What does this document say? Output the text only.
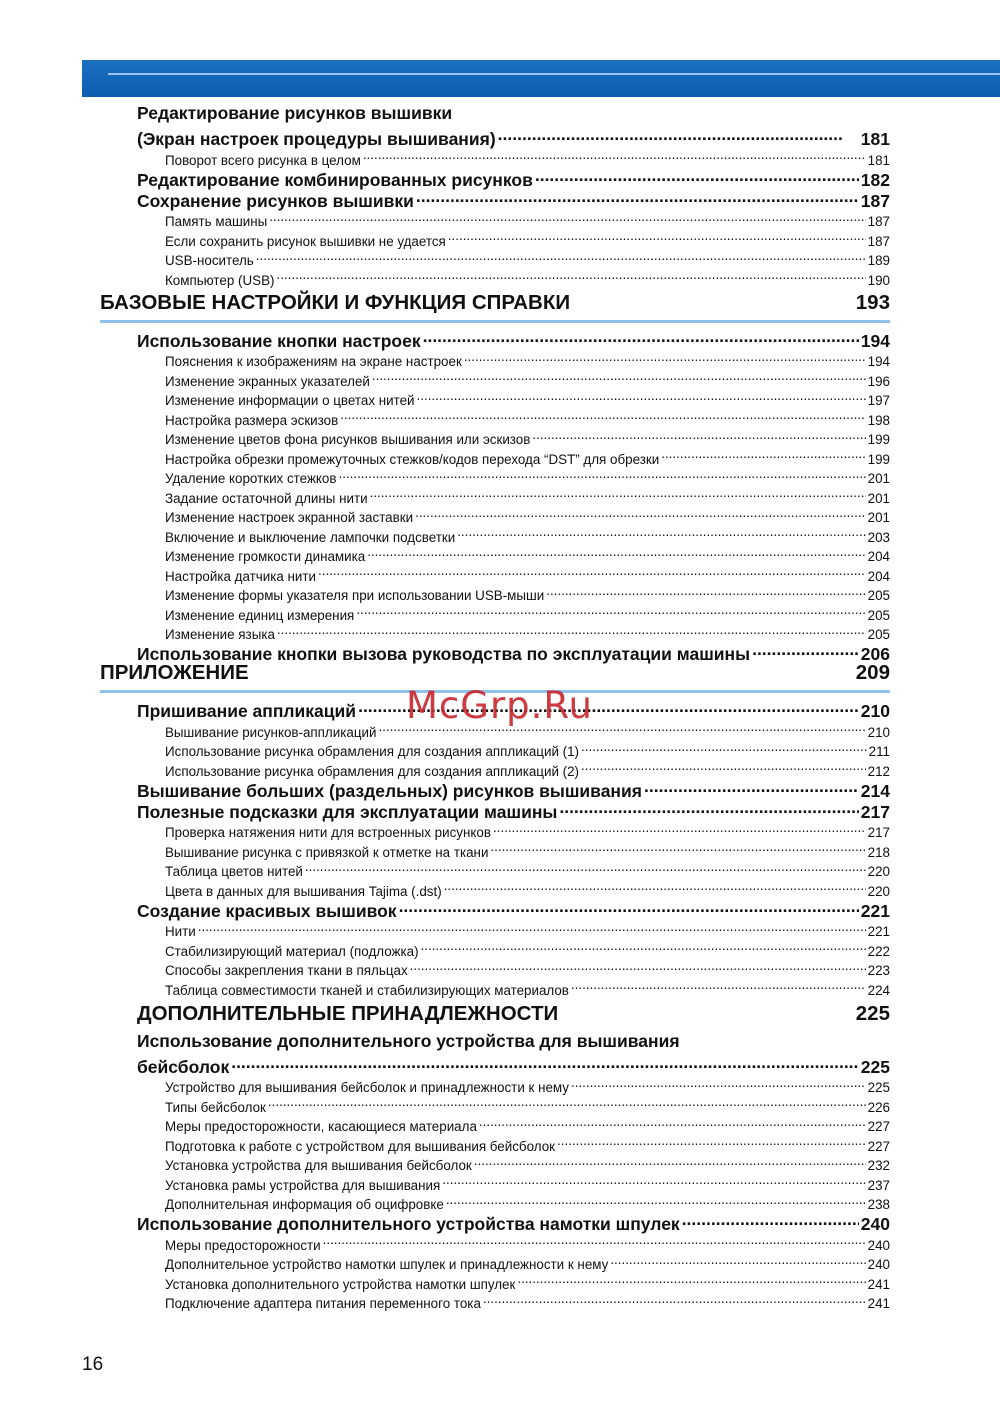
Редактирование рисунков вышивки
(Экран настроек процедуры вышивания) .....	181
Поворот всего рисунка в целом .....	181
Редактирование комбинированных рисунков .....	182
Сохранение рисунков вышивки .....	187
Память машины .....	187
Если сохранить рисунок вышивки не удается .....	187
USB-носитель .....	189
Компьютер (USB) .....	190
БАЗОВЫЕ НАСТРОЙКИ И ФУНКЦИЯ СПРАВКИ	193
Использование кнопки настроек .....	194
Пояснения к изображениям на экране настроек .....	194
Изменение экранных указателей .....	196
Изменение информации о цветах нитей .....	197
Настройка размера эскизов .....	198
Изменение цветов фона рисунков вышивания или эскизов .....	199
Настройка обрезки промежуточных стежков/кодов перехода “DST” для обрезки .....	199
Удаление коротких стежков .....	201
Задание остаточной длины нити .....	201
Изменение настроек экранной заставки .....	201
Включение и выключение лампочки подсветки .....	203
Изменение громкости динамика .....	204
Настройка датчика нити .....	204
Изменение формы указателя при использовании USB-мыши .....	205
Изменение единиц измерения .....	205
Изменение языка .....	205
Использование кнопки вызова руководства по эксплуатации машины .....	206
ПРИЛОЖЕНИЕ	209
Пришивание аппликаций .....	210
Вышивание рисунков-аппликаций .....	210
Использование рисунка обрамления для создания аппликаций (1) .....	211
Использование рисунка обрамления для создания аппликаций (2) .....	212
Вышивание больших (раздельных) рисунков вышивания .....	214
Полезные подсказки для эксплуатации машины .....	217
Проверка натяжения нити для встроенных рисунков .....	217
Вышивание рисунка с привязкой к отметке на ткани .....	218
Таблица цветов нитей .....	220
Цвета в данных для вышивания Tajima (.dst) .....	220
Создание красивых вышивок .....	221
Нити .....	221
Стабилизирующий материал (подложка) .....	222
Способы закрепления ткани в пяльцах .....	223
Таблица совместимости тканей и стабилизирующих материалов .....	224
ДОПОЛНИТЕЛЬНЫЕ ПРИНАДЛЕЖНОСТИ	225
Использование дополнительного устройства для вышивания
бейсболок .....	225
Устройство для вышивания бейсболок и принадлежности к нему .....	225
Типы бейсболок .....	226
Меры предосторожности, касающиеся материала .....	227
Подготовка к работе с устройством для вышивания бейсболок .....	227
Установка устройства для вышивания бейсболок .....	232
Установка рамы устройства для вышивания .....	237
Дополнительная информация об оцифровке .....	238
Использование дополнительного устройства намотки шпулек .....	240
Меры предосторожности .....	240
Дополнительное устройство намотки шпулек и принадлежности к нему .....	240
Установка дополнительного устройства намотки шпулек .....	241
Подключение адаптера питания переменного тока .....	241
McGrp.Ru
16
